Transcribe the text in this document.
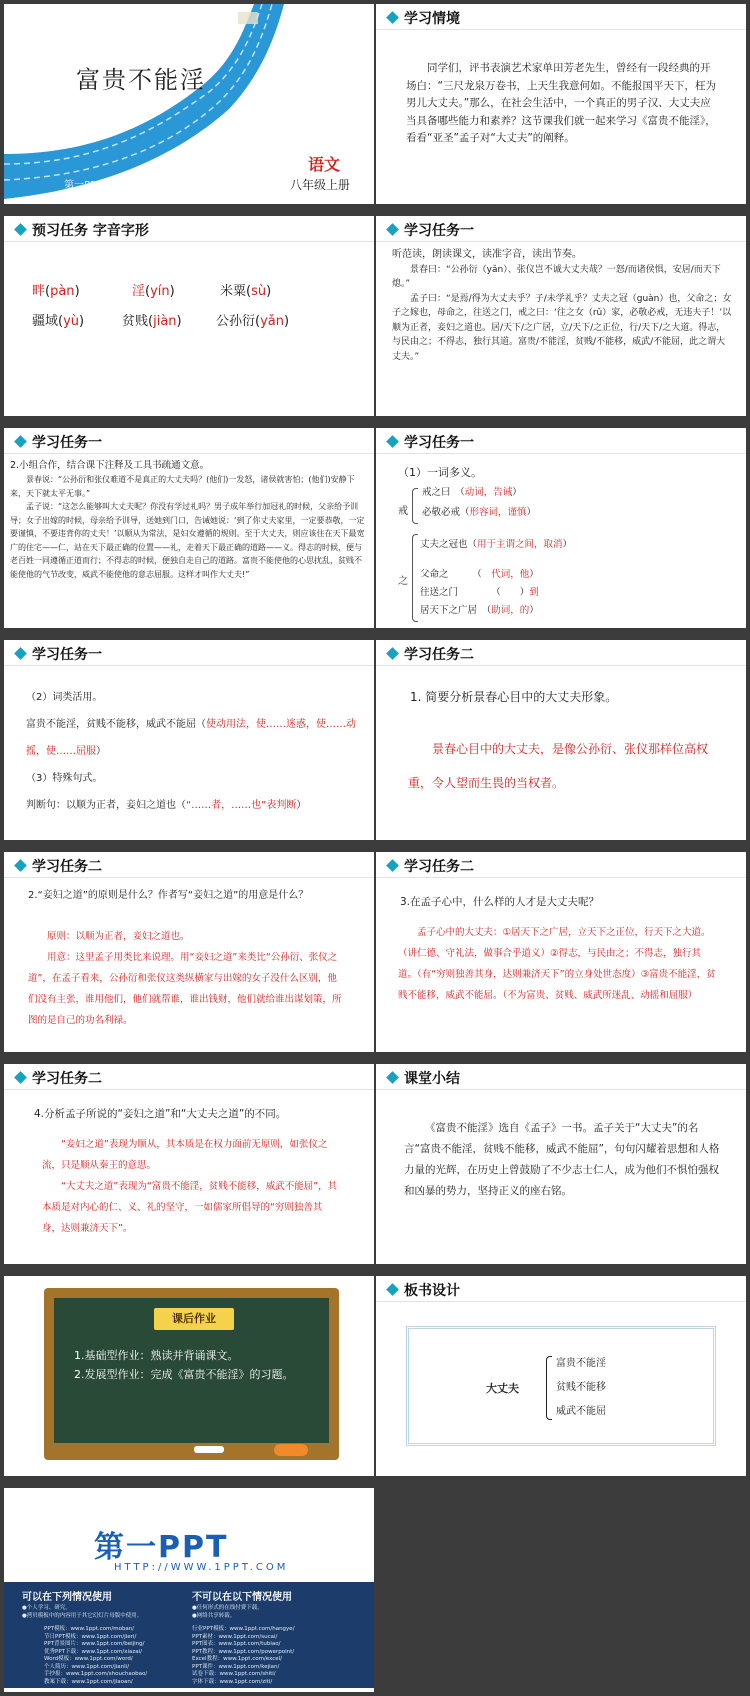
富贵不能淫
第一PPT模板网-WWW.1PPT.COM
语文
八年级上册
学习情境

同学们，评书表演艺术家单田芳老先生，曾经有一段经典的开场白：“三尺龙泉万卷书，上天生我意何如。不能报国平天下，枉为男儿大丈夫。”那么，在社会生活中，一个真正的男子汉、大丈夫应当具备哪些能力和素养？这节课我们就一起来学习《富贵不能淫》，看看“亚圣”孟子对“大丈夫”的阐释。

预习任务 字音字形
畔(pàn)	淫(yín)	米粟(sù)
疆域(yù)	贫贱(jiàn)	公孙衍(yǎn)
学习任务一

听范读，朗读课文，读准字音，读出节奏。

景春曰：“公孙衍（yǎn）、张仪岂不诚大丈夫哉？一怒/而诸侯惧，安居/而天下熄。”

孟子曰：“是焉/得为大丈夫乎？子/未学礼乎？丈夫之冠（guàn）也，父命之；女子之嫁也，母命之，往送之门，戒之曰：‘往之女（rǔ）家，必敬必戒，无违夫子！’以顺为正者，妾妇之道也。居/天下/之广居，立/天下/之正位，行/天下/之大道。得志，与民由之；不得志，独行其道。富贵/不能淫，贫贱/不能移，威武/不能屈，此之谓大丈夫。”

学习任务一

2.小组合作，结合课下注释及工具书疏通文意。

景春说：“公孙衍和张仪难道不是真正的大丈夫吗？(他们)一发怒，诸侯就害怕；(他们)安静下来，天下就太平无事。”

孟子说：“这怎么能够叫大丈夫呢？你没有学过礼吗？男子成年举行加冠礼的时候，父亲给予训导；女子出嫁的时候，母亲给予训导，送她到门口，告诫她说：‘到了你丈夫家里，一定要恭敬，一定要谨慎，不要违背你的丈夫！’以顺从为常法，是妇女遵循的规则。至于大丈夫，则应该住在天下最宽广的住宅——仁，站在天下最正确的位置——礼，走着天下最正确的道路——义。得志的时候，便与老百姓一同遵循正道而行；不得志的时候，便独自走自己的道路。富贵不能使他的心思扰乱，贫贱不能使他的气节改变，威武不能使他的意志屈服。这样才叫作大丈夫!”

学习任务一
（1）一词多义。
戒
戒之曰　（动词，告诫）
必敬必戒（形容词，谨慎）
之
丈夫之冠也（用于主谓之间，取消）
父命之　　　（　代词，他）
往送之门　　　　（　　）到
居天下之广居　（助词，的）
学习任务一

（2）词类活用。

富贵不能淫，贫贱不能移，威武不能屈（使动用法，使……迷惑，使……动摇，使……屈服）

（3）特殊句式。

判断句：以顺为正者，妾妇之道也（“……者，……也”表判断）

学习任务二
1. 简要分析景春心目中的大丈夫形象。
景春心目中的大丈夫，是像公孙衍、张仪那样位高权重，令人望而生畏的当权者。
学习任务二

2.“妾妇之道”的原则是什么？作者写“妾妇之道”的用意是什么？

原则：以顺为正者，妾妇之道也。

用意：这里孟子用类比来说理。用“妾妇之道”来类比“公孙衍、张仪之道”，在孟子看来，公孙衍和张仪这类纵横家与出嫁的女子没什么区别，他们没有主张，谁用他们，他们就帮谁，谁出钱财，他们就给谁出谋划策，所图的是自己的功名利禄。

学习任务二
3.在孟子心中，什么样的人才是大丈夫呢？
孟子心中的大丈夫：①居天下之广居，立天下之正位，行天下之大道。（讲仁德、守礼法，做事合乎道义）②得志，与民由之；不得志，独行其道。（有“穷则独善其身，达则兼济天下”的立身处世态度）③富贵不能淫，贫贱不能移，威武不能屈。（不为富贵、贫贱、威武所迷乱、动摇和屈服）
学习任务二
4.分析孟子所说的“妾妇之道”和“大丈夫之道”的不同。

“妾妇之道”表现为顺从，其本质是在权力面前无原则，如张仪之流，只是顺从秦王的意思。

“大丈夫之道”表现为“富贵不能淫，贫贱不能移，威武不能屈”，其本质是对内心的仁、义、礼的坚守，一如儒家所倡导的“穷则独善其身，达则兼济天下”。

课堂小结
《富贵不能淫》选自《孟子》一书。孟子关于“大丈夫”的名言“富贵不能淫，贫贱不能移，威武不能屈”，句句闪耀着思想和人格力量的光辉，在历史上曾鼓励了不少志士仁人，成为他们不惧怕强权和凶暴的势力，坚持正义的座右铭。
课后作业

1.基础型作业：熟读并背诵课文。

2.发展型作业：完成《富贵不能淫》的习题。

板书设计
大丈夫
富贵不能淫
贫贱不能移
威武不能屈
第一PPT
HTTP://WWW.1PPT.COM
可以在下列情况使用	不可以在以下情况使用
●个人学习、研究。
●拷贝模板中的内容用于其它幻灯片母版中使用。
●任何形式的在线付费下载。
●网络共享转载。
PPT模板：www.1ppt.com/moban/
节日PPT模板：www.1ppt.com/jieri/
PPT背景图片：www.1ppt.com/beijing/
优秀PPT下载：www.1ppt.com/xiazai/
Word模板：www.1ppt.com/word/
个人简历：www.1ppt.com/jianli/
手抄报：www.1ppt.com/shouchaobao/
教案下载：www.1ppt.com/jiaoan/
行业PPT模板：www.1ppt.com/hangye/
PPT素材：www.1ppt.com/sucai/
PPT图表：www.1ppt.com/tubiao/
PPT教程：www.1ppt.com/powerpoint/
Excel教程：www.1ppt.com/excel/
PPT课件：www.1ppt.com/kejian/
试卷下载：www.1ppt.com/shiti/
字体下载：www.1ppt.com/ziti/
